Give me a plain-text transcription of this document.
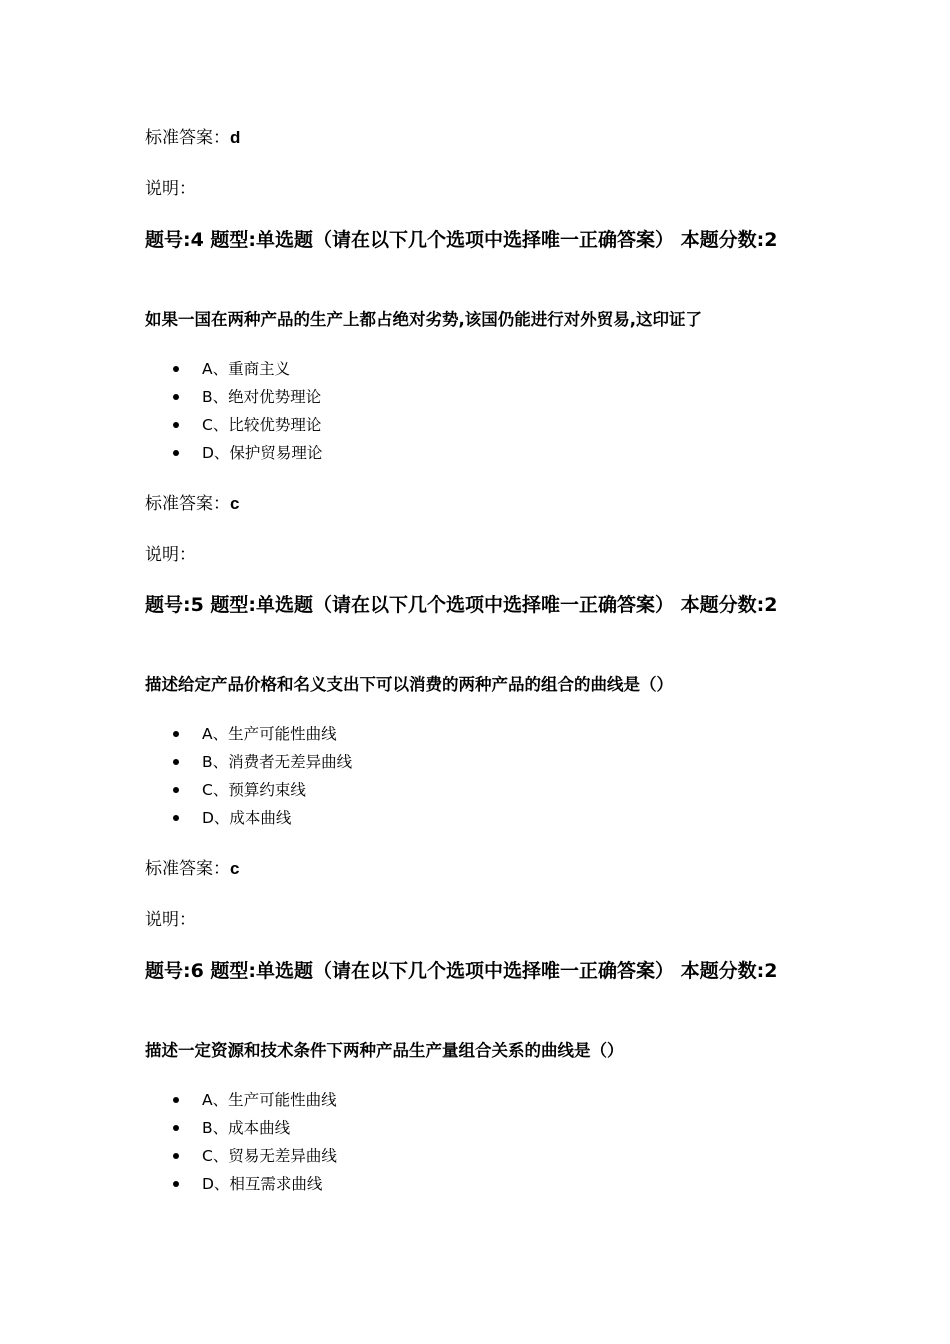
标准答案：d
说明：
题号:4 题型:单选题（请在以下几个选项中选择唯一正确答案） 本题分数:2
如果一国在两种产品的生产上都占绝对劣势,该国仍能进行对外贸易,这印证了
A、重商主义
B、绝对优势理论
C、比较优势理论
D、保护贸易理论
标准答案：c
说明：
题号:5 题型:单选题（请在以下几个选项中选择唯一正确答案） 本题分数:2
描述给定产品价格和名义支出下可以消费的两种产品的组合的曲线是（）
A、生产可能性曲线
B、消费者无差异曲线
C、预算约束线
D、成本曲线
标准答案：c
说明：
题号:6 题型:单选题（请在以下几个选项中选择唯一正确答案） 本题分数:2
描述一定资源和技术条件下两种产品生产量组合关系的曲线是（）
A、生产可能性曲线
B、成本曲线
C、贸易无差异曲线
D、相互需求曲线
